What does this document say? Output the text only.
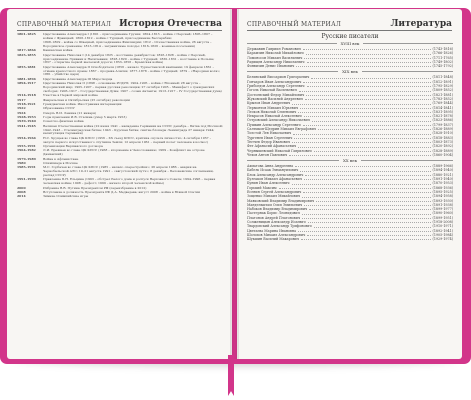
СПРАВОЧНЫЙ МАТЕРИАЛ История Отечества
1801–1825	Царствование Александра I (1801 – присоединение Грузии; 1804–1813 – война с Персией; 1805–1807 – войны с Францией; 1806–1812 – война с Турцией, присоединение Бессарабии;
1808–1809 – война со Швецией, присоединение Финляндии; 1812 – Отечественная война, 26 августа – Бородинское сражение; 1813–1814 – заграничные походы; 1816–1826 – военные поселения)
1817–1864	Кавказская война
1825–1855	Царствование Николая I (14 декабря 1825 – восстание декабристов; 1826–1828 – война с Персией, присоединение Эривани и Нахичевани; 1828–1829 – война с Турцией; 1830–1831 – восстание в Польше; 1837 – открытие первой железной дороги; 1853–1856 – Крымская война)
1855–1881	Царствование Александра II Освободителя (1856 – начало Туркестанской кампании; 19 февраля 1861 – отмена крепостного права; 1867 – продажа Аляски; 1877–1878 – война с Турцией; 1879 – «Народная воля»; 1881 – убийство царя)
1881–1894	Царствование Александра III Миротворца
1894–1917	Царствование Николая II (1898 – основание РСДРП; 1904–1905 – война с Японией; 28 августа – Бородинский мир; 1905–1907 – первая русская революция; 27 октября 1905 – Манифест о гражданских свободах; 1906–1917 – Государственная Дума; 1907 – созыв Антанты; 1913–1917 – IV Государственная дума)
1914–1918	Участие в Первой мировой войне
1917	Февральская и Октябрьская (25 октября) революции
1918–1921	Гражданская война. Иностранная интервенция
1922	Образование СССР
1924	Смерть В.И. Ленина (21 января)
1928–1953	Годы правления И.В. Сталина (умер 5 марта 1953)
1939–1940	Советско-финская война
1941–1945	Великая Отечественная война (22 июня 1941 – нападение Германии на СССР; декабрь – Битва под Москвой; 1942–1943 – Сталинградская битва; 1943 – Курская битва; снятие блокады Ленинграда 27 января 1944; капитуляция Германии)
1954–1964	Н.С. Хрущев во главе ЦК КПСС (1956 – XX съезд КПСС, критика «культа личности»; 4 октября 1957 – запуск первого искусственного спутника Земли; 12 апреля 1961 – первый полет человека в космос)
1955–1991	Организация Варшавского договора
1964–1982	Л.И. Брежнев во главе ЦК КПСС (1968 – вторжение в Чехословакию; 1969 – Конфликт на острове Даманский)
1979–1989	Война в Афганистане
1980	Олимпиада в Москве
1985–1991	М.С. Горбачев во главе ЦК КПСС (1985 – начало «перестройки»; 26 апреля 1986 – авария на Чернобыльской АЭС; 19–21 августа 1991 – «августовский путч»; 8 декабря – Беловежские соглашения, распад СССР)
1991–1999	Правление Б.Н. Ельцина (1993 – обстрел Белого дома и роспуск Верховного Совета; 1994–1996 – первая чеченская война; 1998 – дефолт; 1999 – начало второй чеченской войны)
2000	Избрание В.В. Путина Президентом РФ (переизбрание в 2012)
2008	Вступление в должность Президента РФ Д.А. Медведева; август 2008 – война в Южной Осетии
2014	Зимние Олимпийские игры
СПРАВОЧНЫЙ МАТЕРИАЛ	Литература
Русские писатели
XVIII век
Державин Гавриил Романович	(1743-1816)
Карамзин Николай Михайлович	(1766-1826)
Ломоносов Михаил Васильевич	(1711-1765)
Радищев Александр Николаевич	(1749-1802)
Фонвизин Денис Иванович	(1745-1792)
XIX век
Белинский Виссарион Григорьевич	(1811-1848)
Гончаров Иван Александрович	(1812-1891)
Грибоедов Александр Сергеевич	(1795-1829)
Гоголь Николай Васильевич	(1809-1852)
Достоевский Федор Михайлович	(1821-1881)
Жуковский Василий Андреевич	(1783-1852)
Крылов Иван Андреевич	(1769-1844)
Лермонтов Михаил Юрьевич	(1814-1841)
Лесков Николай Семенович	(1831-1895)
Некрасов Николай Алексеевич	(1821-1878)
Островский Александр Николаевич	(1823-1886)
Пушкин Александр Сергеевич	(1799-1837)
Салтыков-Щедрин Михаил Евграфович	(1826-1889)
Толстой Лев Николаевич	(1828-1910)
Тургенев Иван Сергеевич	(1818-1883)
Тютчев Федор Иванович	(1803-1873)
Фет Афанасий Афанасьевич	(1820-1892)
Чернышевский Николай Гаврилович	(1828-1889)
Чехов Антон Павлович	(1860-1904)
XX век
Ахматова Анна Андреевна	(1889-1966)
Бабель Исаак Эммануилович	(1894-1940)
Блок Александр Александрович	(1880-1921)
Булгаков Михаил Афанасьевич	(1891-1940)
Бунин Иван Алексеевич	(1870-1953)
Горький Максим	(1868-1936)
Есенин Сергей Александрович	(1895-1925)
Зощенко Михаил Михайлович	(1894-1958)
Маяковский Владимир Владимирович	(1893-1930)
Мандельштам Осип Эмильевич	(1891-1938)
Набоков Владимир Владимирович	(1899-1977)
Пастернак Борис Леонидович	(1890-1960)
Платонов Андрей Платонович	(1899-1951)
Солженицын Александр Исаевич	(1918-2008)
Твардовский Александр Трифонович	(1910-1971)
Цветаева Марина Ивановна	(1892-1941)
Шолохов Михаил Александрович	(1905-1984)
Шукшин Василий Макарович	(1929-1974)
